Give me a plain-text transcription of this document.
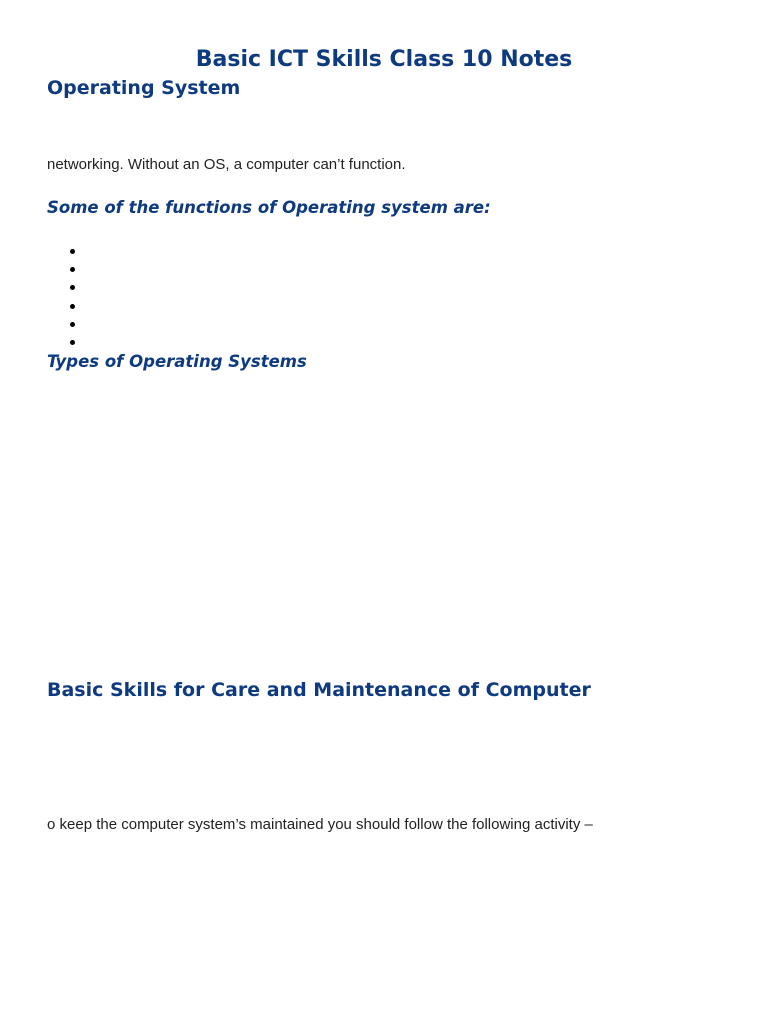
Basic ICT Skills Class 10 Notes
Operating System

networking. Without an OS, a computer can’t function.

Some of the functions of Operating system are:
Types of Operating Systems
Basic Skills for Care and Maintenance of Computer

o keep the computer system’s maintained you should follow the following activity –
